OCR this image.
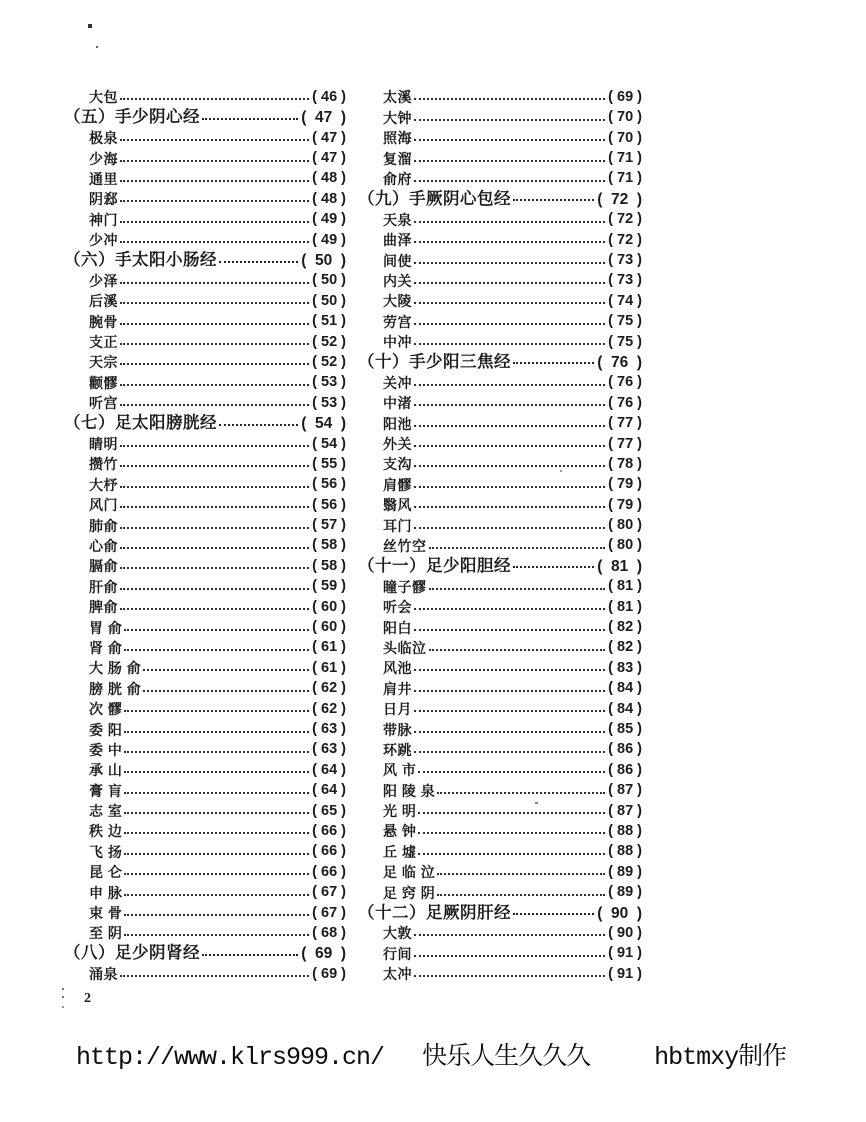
大包	( 46 )
（五）手少阴心经	(  47  )
极泉	( 47 )
少海	( 47 )
通里	( 48 )
阴郄	( 48 )
神门	( 49 )
少冲	( 49 )
（六）手太阳小肠经	(  50  )
少泽	( 50 )
后溪	( 50 )
腕骨	( 51 )
支正	( 52 )
天宗	( 52 )
颧髎	( 53 )
听宫	( 53 )
（七）足太阳膀胱经	(  54  )
睛明	( 54 )
攒竹	( 55 )
大杼	( 56 )
风门	( 56 )
肺俞	( 57 )
心俞	( 58 )
膈俞	( 58 )
肝俞	( 59 )
脾俞	( 60 )
胃 俞	( 60 )
肾 俞	( 61 )
大 肠 俞	( 61 )
膀 胱 俞	( 62 )
次 髎	( 62 )
委 阳	( 63 )
委 中	( 63 )
承 山	( 64 )
膏 肓	( 64 )
志 室	( 65 )
秩 边	( 66 )
飞 扬	( 66 )
昆 仑	( 66 )
申 脉	( 67 )
束 骨	( 67 )
至 阴	( 68 )
（八）足少阴肾经	(  69  )
涌泉	( 69 )
太溪	( 69 )
大钟	( 70 )
照海	( 70 )
复溜	( 71 )
俞府	( 71 )
（九）手厥阴心包经	(  72  )
天泉	( 72 )
曲泽	( 72 )
间使	( 73 )
内关	( 73 )
大陵	( 74 )
劳宫	( 75 )
中冲	( 75 )
（十）手少阳三焦经	(  76  )
关冲	( 76 )
中渚	( 76 )
阳池	( 77 )
外关	( 77 )
支沟	( 78 )
肩髎	( 79 )
翳风	( 79 )
耳门	( 80 )
丝竹空	( 80 )
（十一）足少阳胆经	(  81  )
瞳子髎	( 81 )
听会	( 81 )
阳白	( 82 )
头临泣	( 82 )
风池	( 83 )
肩井	( 84 )
日月	( 84 )
带脉	( 85 )
环跳	( 86 )
风 市	( 86 )
阳 陵 泉	( 87 )
光 明	( 87 )
悬 钟	( 88 )
丘 墟	( 88 )
足 临 泣	( 89 )
足 窍 阴	( 89 )
（十二）足厥阴肝经	(  90  )
大敦	( 90 )
行间	( 91 )
太冲	( 91 )
2
http://www.klrs999.cn/ 快乐人生久久久	hbtmxy制作
